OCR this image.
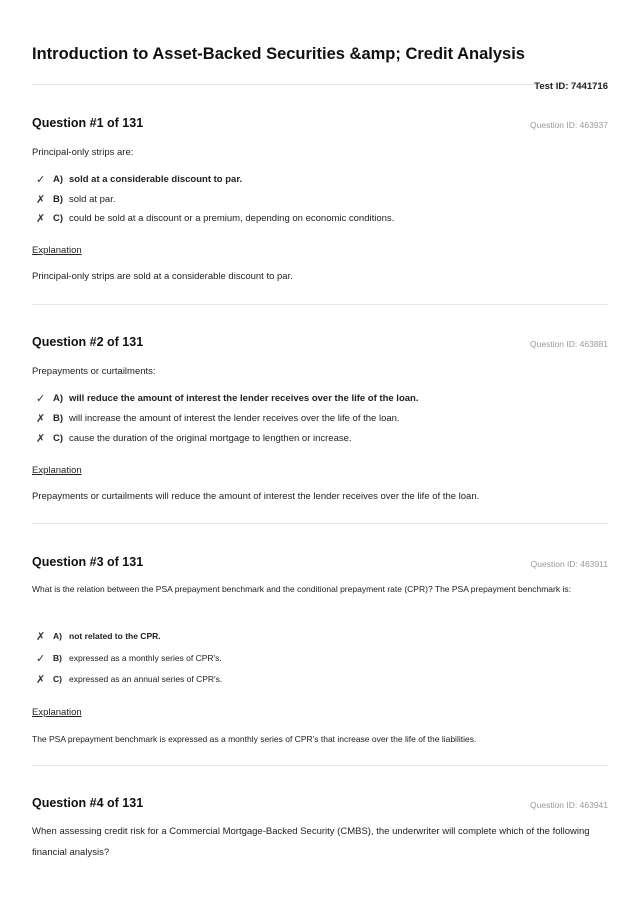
Introduction to Asset-Backed Securities &amp; Credit Analysis
Test ID: 7441716
Question #1 of 131	Question ID: 463937
Principal-only strips are:
✓ A) sold at a considerable discount to par.
✗ B) sold at par.
✗ C) could be sold at a discount or a premium, depending on economic conditions.
Explanation
Principal-only strips are sold at a considerable discount to par.
Question #2 of 131	Question ID: 463881
Prepayments or curtailments:
✓ A) will reduce the amount of interest the lender receives over the life of the loan.
✗ B) will increase the amount of interest the lender receives over the life of the loan.
✗ C) cause the duration of the original mortgage to lengthen or increase.
Explanation
Prepayments or curtailments will reduce the amount of interest the lender receives over the life of the loan.
Question #3 of 131	Question ID: 463911
What is the relation between the PSA prepayment benchmark and the conditional prepayment rate (CPR)? The PSA prepayment benchmark is:
✗ A) not related to the CPR.
✓ B) expressed as a monthly series of CPR's.
✗ C) expressed as an annual series of CPR's.
Explanation
The PSA prepayment benchmark is expressed as a monthly series of CPR's that increase over the life of the liabilities.
Question #4 of 131	Question ID: 463941
When assessing credit risk for a Commercial Mortgage-Backed Security (CMBS), the underwriter will complete which of the following financial analysis?
